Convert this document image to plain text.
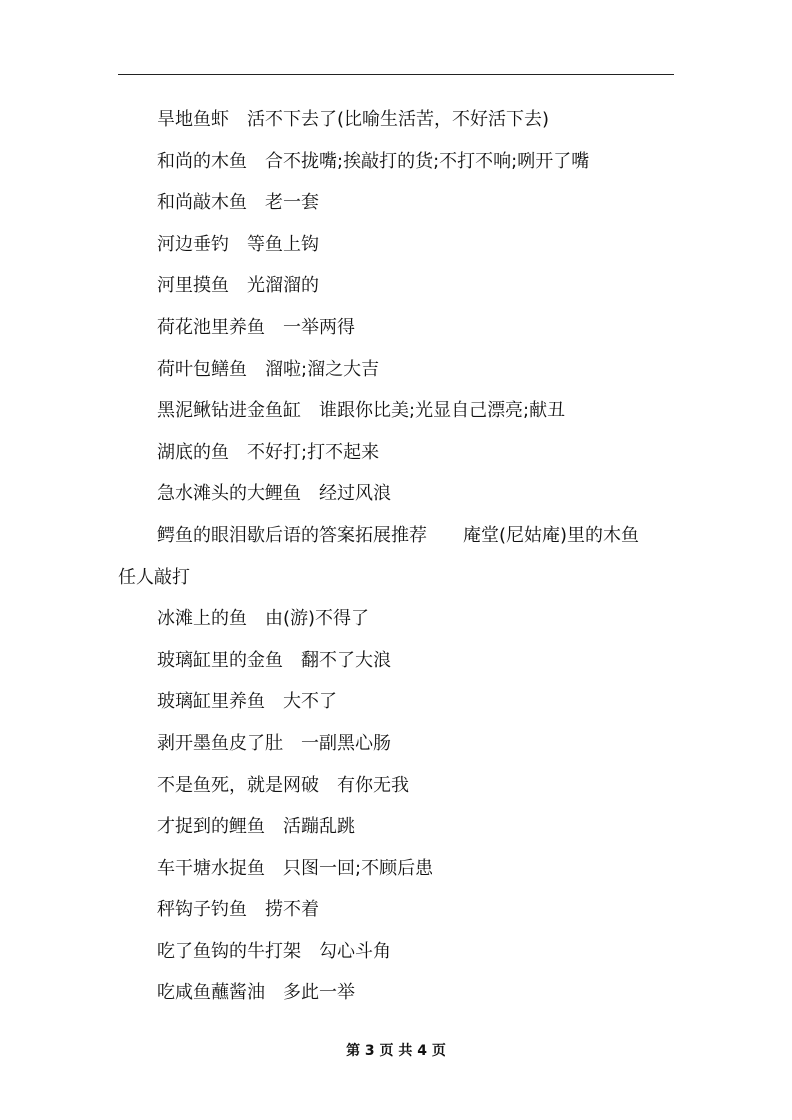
旱地鱼虾　活不下去了(比喻生活苦，不好活下去)

和尚的木鱼　合不拢嘴;挨敲打的货;不打不响;咧开了嘴

和尚敲木鱼　老一套

河边垂钓　等鱼上钩

河里摸鱼　光溜溜的

荷花池里养鱼　一举两得

荷叶包鳝鱼　溜啦;溜之大吉

黑泥鳅钻进金鱼缸　谁跟你比美;光显自己漂亮;献丑

湖底的鱼　不好打;打不起来

急水滩头的大鲤鱼　经过风浪

鳄鱼的眼泪歇后语的答案拓展推荐　　庵堂(尼姑庵)里的木鱼　任人敲打

冰滩上的鱼　由(游)不得了

玻璃缸里的金鱼　翻不了大浪

玻璃缸里养鱼　大不了

剥开墨鱼皮了肚　一副黑心肠

不是鱼死，就是网破　有你无我

才捉到的鲤鱼　活蹦乱跳

车干塘水捉鱼　只图一回;不顾后患

秤钩子钓鱼　捞不着

吃了鱼钩的牛打架　勾心斗角

吃咸鱼蘸酱油　多此一举

第 3 页 共 4 页
